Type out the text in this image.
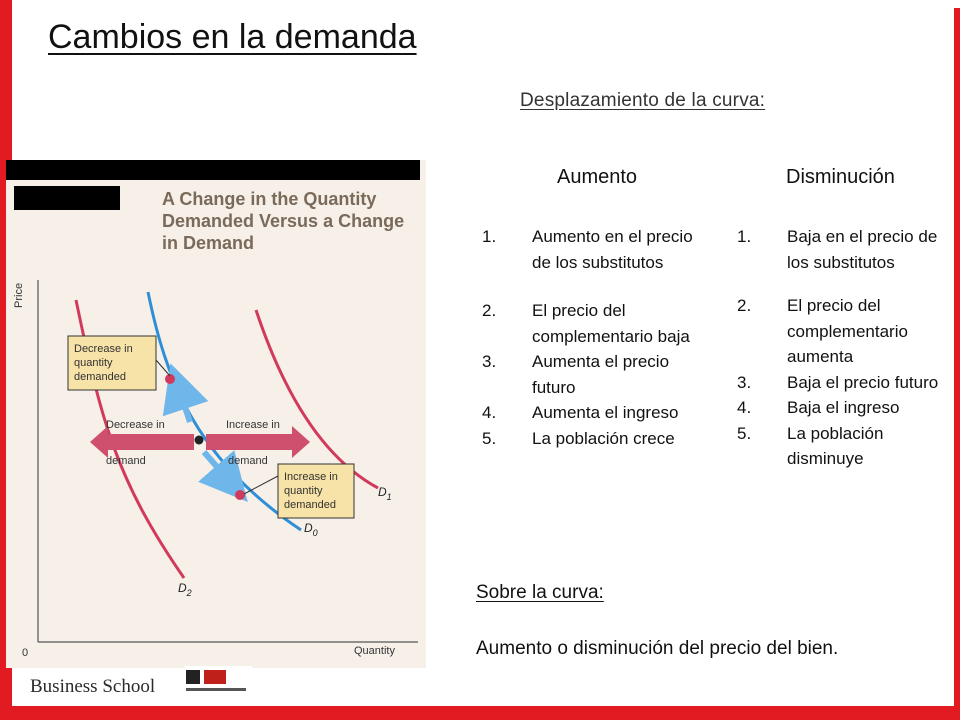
Cambios en la demanda
Desplazamiento de la curva:
Aumento	Disminución
1.	Aumento en el precio de los substitutos
2.	El precio del complementario baja
3.	Aumenta el precio futuro
4.	Aumenta el ingreso
5.	La población crece
1.	Baja en el precio de los substitutos
2.	El precio del complementario aumenta
3.	Baja el precio futuro
4.	Baja el ingreso
5.	La población disminuye
Sobre la curva:
Aumento o disminución del precio del bien.
Price
Quantity
0
$D_2$
$D_0$
$D_1$
Decrease in
demand
Increase in
demand
Decrease in
quantity
demanded
Increase in
quantity
demanded
A Change in the Quantity Demanded Versus a Change in Demand
Business School
